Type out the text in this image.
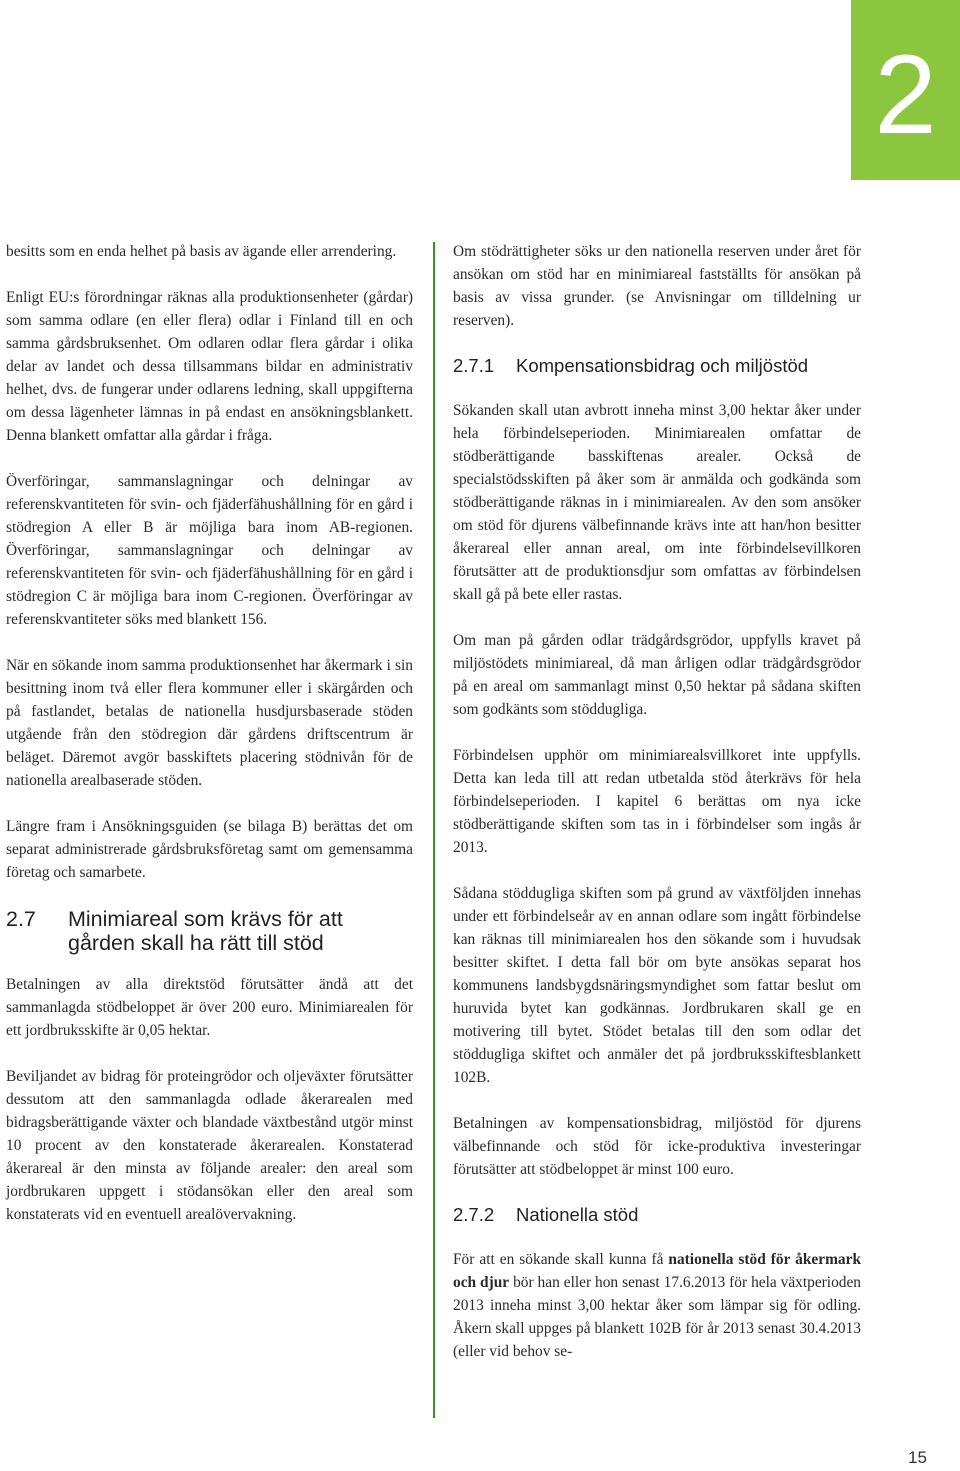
2

besitts som en enda helhet på basis av ägande eller arrendering.

Enligt EU:s förordningar räknas alla produktionsenheter (gårdar) som samma odlare (en eller flera) odlar i Finland till en och samma gårdsbruksenhet. Om odlaren odlar flera gårdar i olika delar av landet och dessa tillsammans bildar en administrativ helhet, dvs. de fungerar under odlarens ledning, skall uppgifterna om dessa lägenheter lämnas in på endast en ansökningsblankett. Denna blankett omfattar alla gårdar i fråga.

Överföringar, sammanslagningar och delningar av referenskvantiteten för svin- och fjäderfähushållning för en gård i stödregion A eller B är möjliga bara inom AB-regionen. Överföringar, sammanslagningar och delningar av referenskvantiteten för svin- och fjäderfähushållning för en gård i stödregion C är möjliga bara inom C-regionen. Överföringar av referenskvantiteter söks med blankett 156.

När en sökande inom samma produktionsenhet har åkermark i sin besittning inom två eller flera kommuner eller i skärgården och på fastlandet, betalas de nationella husdjursbaserade stöden utgående från den stödregion där gårdens driftscentrum är beläget. Däremot avgör basskiftets placering stödnivån för de nationella arealbaserade stöden.

Längre fram i Ansökningsguiden (se bilaga B) berättas det om separat administrerade gårdsbruksföretag samt om gemensamma företag och samarbete.

2.7	Minimiareal som krävs för att gården skall ha rätt till stöd

Betalningen av alla direktstöd förutsätter ändå att det sammanlagda stödbeloppet är över 200 euro. Minimiarealen för ett jordbruksskifte är 0,05 hektar.

Beviljandet av bidrag för proteingrödor och oljeväxter förutsätter dessutom att den sammanlagda odlade åkerarealen med bidragsberättigande växter och blandade växtbestånd utgör minst 10 procent av den konstaterade åkerarealen. Konstaterad åkerareal är den minsta av följande arealer: den areal som jordbrukaren uppgett i stödansökan eller den areal som konstaterats vid en eventuell arealövervakning.

Om stödrättigheter söks ur den nationella reserven under året för ansökan om stöd har en minimiareal fastställts för ansökan på basis av vissa grunder. (se Anvisningar om tilldelning ur reserven).

2.7.1	Kompensationsbidrag och miljöstöd

Sökanden skall utan avbrott inneha minst 3,00 hektar åker under hela förbindelseperioden. Minimiarealen omfattar de stödberättigande basskiftenas arealer. Också de specialstödsskiften på åker som är anmälda och godkända som stödberättigande räknas in i minimiarealen. Av den som ansöker om stöd för djurens välbefinnande krävs inte att han/hon besitter åkerareal eller annan areal, om inte förbindelsevillkoren förutsätter att de produktionsdjur som omfattas av förbindelsen skall gå på bete eller rastas.

Om man på gården odlar trädgårdsgrödor, uppfylls kravet på miljöstödets minimiareal, då man årligen odlar trädgårdsgrödor på en areal om sammanlagt minst 0,50 hektar på sådana skiften som godkänts som stöddugliga.

Förbindelsen upphör om minimiarealsvillkoret inte uppfylls. Detta kan leda till att redan utbetalda stöd återkrävs för hela förbindelseperioden. I kapitel 6 berättas om nya icke stödberättigande skiften som tas in i förbindelser som ingås år 2013.

Sådana stöddugliga skiften som på grund av växtföljden innehas under ett förbindelseår av en annan odlare som ingått förbindelse kan räknas till minimiarealen hos den sökande som i huvudsak besitter skiftet. I detta fall bör om byte ansökas separat hos kommunens landsbygdsnäringsmyndighet som fattar beslut om huruvida bytet kan godkännas. Jordbrukaren skall ge en motivering till bytet. Stödet betalas till den som odlar det stöddugliga skiftet och anmäler det på jordbruksskiftesblankett 102B.

Betalningen av kompensationsbidrag, miljöstöd för djurens välbefinnande och stöd för icke-produktiva investeringar förutsätter att stödbeloppet är minst 100 euro.

2.7.2	Nationella stöd

För att en sökande skall kunna få nationella stöd för åkermark och djur bör han eller hon senast 17.6.2013 för hela växtperioden 2013 inneha minst 3,00 hektar åker som lämpar sig för odling. Åkern skall uppges på blankett 102B för år 2013 senast 30.4.2013 (eller vid behov se-

15
